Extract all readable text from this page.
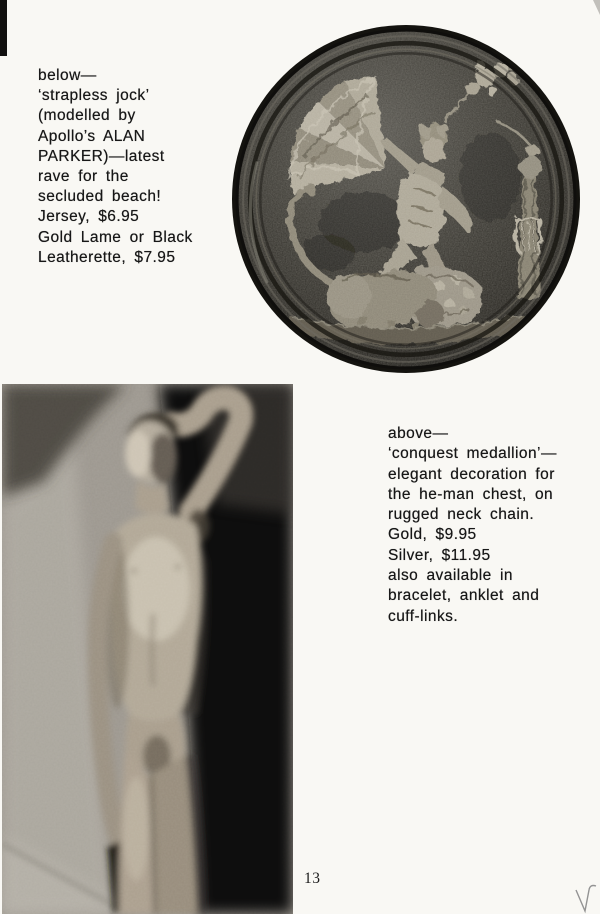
below—
‘strapless jock’
(modelled by
Apollo’s ALAN
PARKER)—latest
rave for the
secluded beach!
Jersey, $6.95
Gold Lame or Black
Leatherette, $7.95
above—
‘conquest medallion’—
elegant decoration for
the he-man chest, on
rugged neck chain.
Gold, $9.95
Silver, $11.95
also available in
bracelet, anklet and
cuff-links.
13
